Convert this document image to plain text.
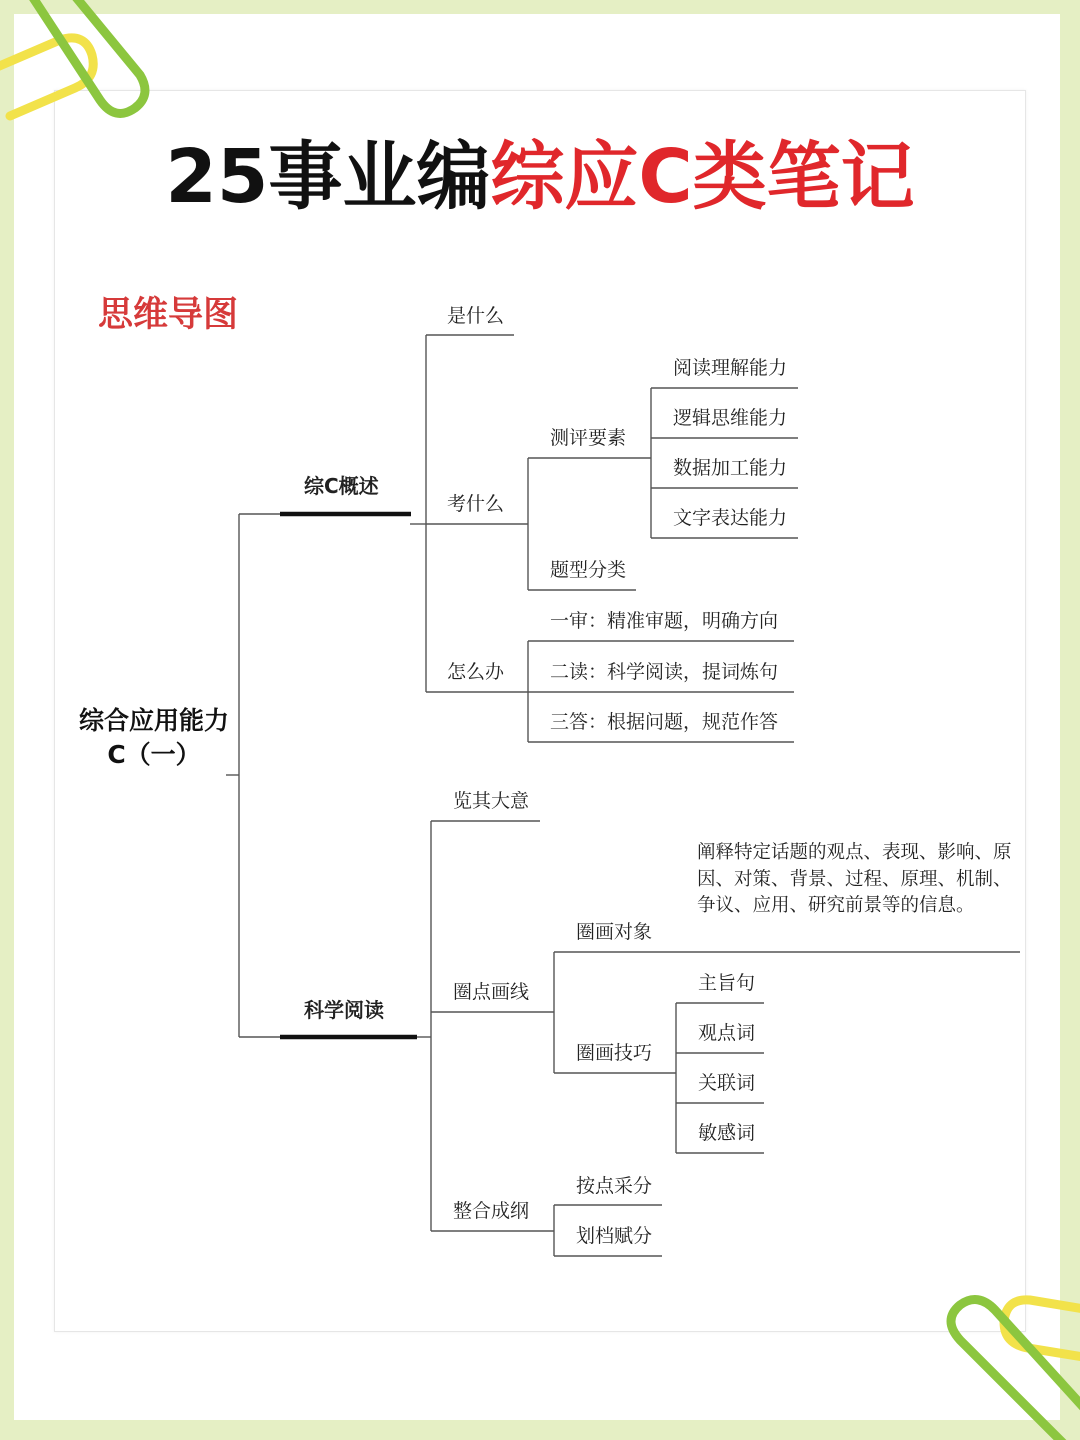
25事业编综应C类笔记
思维导图
综合应用能力
C（一）
综C概述
是什么
考什么
测评要素
阅读理解能力
逻辑思维能力
数据加工能力
文字表达能力
题型分类
怎么办
一审：精准审题，明确方向
二读：科学阅读，提词炼句
三答：根据问题，规范作答
科学阅读
览其大意
圈点画线
圈画对象
阐释特定话题的观点、表现、影响、原因、对策、背景、过程、原理、机制、争议、应用、研究前景等的信息。
圈画技巧
主旨句
观点词
关联词
敏感词
整合成纲
按点采分
划档赋分
